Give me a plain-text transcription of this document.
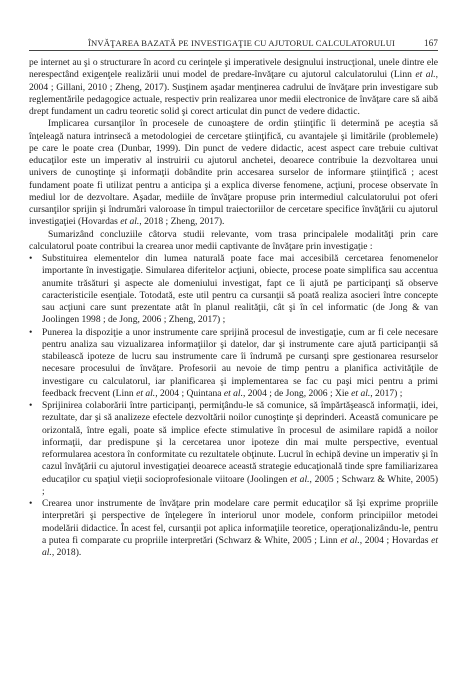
ÎNVĂŢAREA BAZATĂ PE INVESTIGAŢIE CU AJUTORUL CALCULATORULUI	167

pe internet au şi o structurare în acord cu cerinţele şi imperativele designului instrucţional, unele dintre ele nerespectând exigenţele realizării unui model de predare-învăţare cu ajutorul calculatorului (Linn et al., 2004 ; Gillani, 2010 ; Zheng, 2017). Susţinem aşadar menţinerea cadrului de învăţare prin investigare sub reglementările pedagogice actuale, respectiv prin realizarea unor medii electronice de învăţare care să aibă drept fundament un cadru teoretic solid şi corect articulat din punct de vedere didactic.

Implicarea cursanţilor în procesele de cunoaştere de ordin ştiinţific îi determină pe aceştia să înţeleagă natura intrinsecă a metodologiei de cercetare ştiinţifică, cu avantajele şi limitările (problemele) pe care le poate crea (Dunbar, 1999). Din punct de vedere didactic, acest aspect care trebuie cultivat educaţilor este un imperativ al instruirii cu ajutorul anchetei, deoarece contribuie la dezvoltarea unui univers de cunoştinţe şi informaţii dobândite prin accesarea surselor de informare ştiinţifică ; acest fundament poate fi utilizat pentru a anticipa şi a explica diverse fenomene, acţiuni, procese observate în mediul lor de dezvoltare. Aşadar, mediile de învăţare propuse prin intermediul calculatorului pot oferi cursanţilor sprijin şi îndrumări valoroase în timpul traiectoriilor de cercetare specifice învăţării cu ajutorul investigaţiei (Hovardas et al., 2018 ; Zheng, 2017).

Sumarizând concluziile câtorva studii relevante, vom trasa principalele modalităţi prin care calculatorul poate contribui la crearea unor medii captivante de învăţare prin investigaţie :

• Substituirea elementelor din lumea naturală poate face mai accesibilă cercetarea fenomenelor importante în investigaţie. Simularea diferitelor acţiuni, obiecte, procese poate simplifica sau accentua anumite trăsături şi aspecte ale domeniului investigat, fapt ce îi ajută pe participanţi să observe caracteristicile esenţiale. Totodată, este util pentru ca cursanţii să poată realiza asocieri între concepte sau acţiuni care sunt prezentate atât în planul realităţii, cât şi în cel informatic (de Jong & van Joolingen 1998 ; de Jong, 2006 ; Zheng, 2017) ;
• Punerea la dispoziţie a unor instrumente care sprijină procesul de investigaţie, cum ar fi cele necesare pentru analiza sau vizualizarea informaţiilor şi datelor, dar şi instrumente care ajută participanţii să stabilească ipoteze de lucru sau instrumente care îi îndrumă pe cursanţi spre gestionarea resurselor necesare procesului de învăţare. Profesorii au nevoie de timp pentru a planifica activităţile de investigare cu calculatorul, iar planificarea şi implementarea se fac cu paşi mici pentru a primi feedback frecvent (Linn et al., 2004 ; Quintana et al., 2004 ; de Jong, 2006 ; Xie et al., 2017) ;
• Sprijinirea colaborării între participanţi, permiţându-le să comunice, să împărtăşească informaţii, idei, rezultate, dar şi să analizeze efectele dezvoltării noilor cunoştinţe şi deprinderi. Această comunicare pe orizontală, între egali, poate să implice efecte stimulative în procesul de asimilare rapidă a noilor informaţii, dar predispune şi la cercetarea unor ipoteze din mai multe perspective, eventual reformularea acestora în conformitate cu rezultatele obţinute. Lucrul în echipă devine un imperativ şi în cazul învăţării cu ajutorul investigaţiei deoarece această strategie educaţională tinde spre familiarizarea educaţilor cu spaţiul vieţii socioprofesionale viitoare (Joolingen et al., 2005 ; Schwarz & White, 2005) ;
• Crearea unor instrumente de învăţare prin modelare care permit educaţilor să îşi exprime propriile interpretări şi perspective de înţelegere în interiorul unor modele, conform principiilor metodei modelării didactice. În acest fel, cursanţii pot aplica informaţiile teoretice, operaţionalizându-le, pentru a putea fi comparate cu propriile interpretări (Schwarz & White, 2005 ; Linn et al., 2004 ; Hovardas et al., 2018).
